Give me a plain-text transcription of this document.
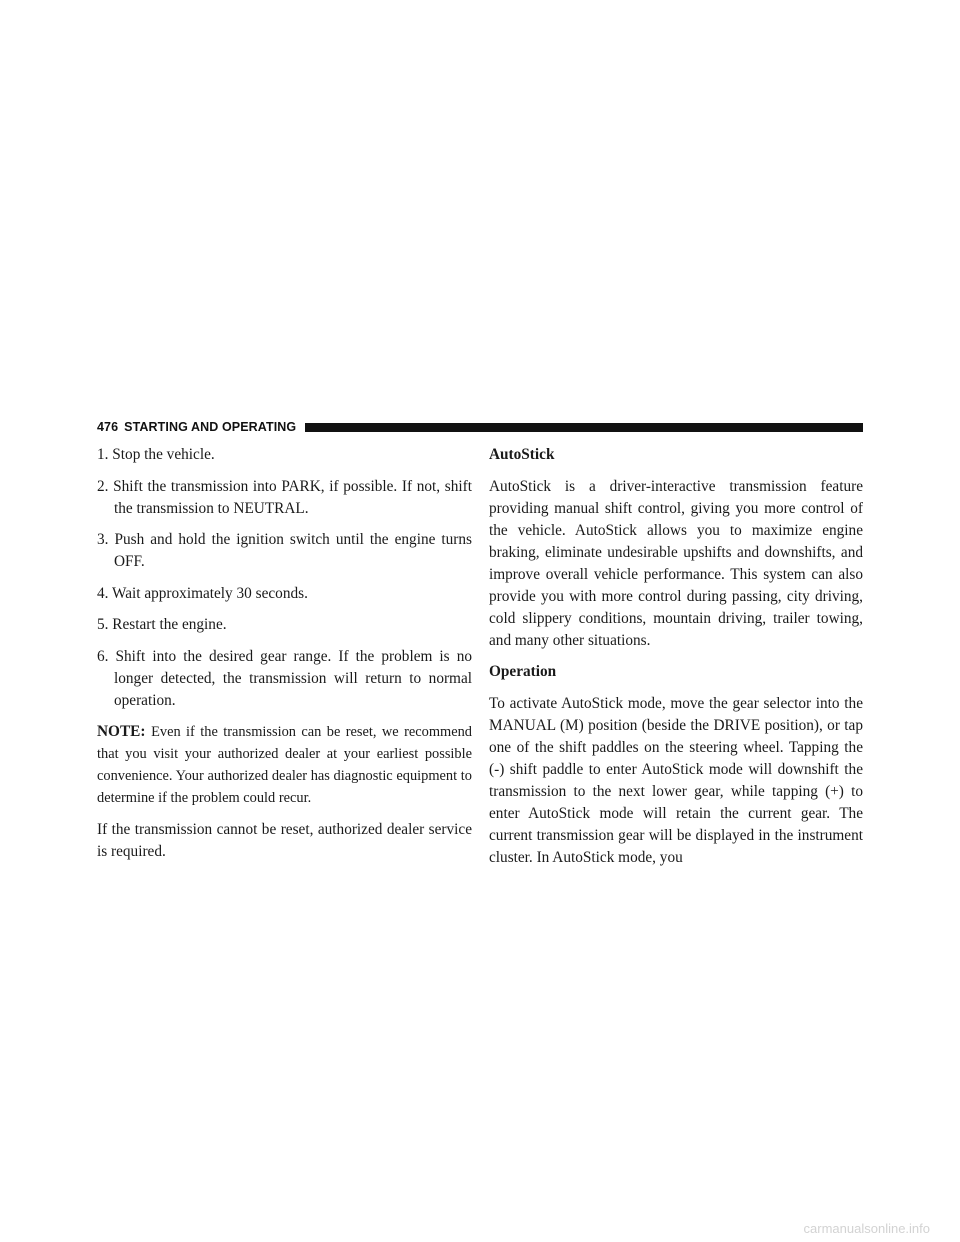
476 STARTING AND OPERATING

1. Stop the vehicle.

2. Shift the transmission into PARK, if possible. If not, shift the transmission to NEUTRAL.

3. Push and hold the ignition switch until the engine turns OFF.

4. Wait approximately 30 seconds.

5. Restart the engine.

6. Shift into the desired gear range. If the problem is no longer detected, the transmission will return to normal operation.

NOTE: Even if the transmission can be reset, we recommend that you visit your authorized dealer at your earliest possible convenience. Your authorized dealer has diagnostic equipment to determine if the problem could recur.

If the transmission cannot be reset, authorized dealer service is required.

AutoStick

AutoStick is a driver-interactive transmission feature providing manual shift control, giving you more control of the vehicle. AutoStick allows you to maximize engine braking, eliminate undesirable upshifts and downshifts, and improve overall vehicle performance. This system can also provide you with more control during passing, city driving, cold slippery conditions, mountain driving, trailer towing, and many other situations.

Operation

To activate AutoStick mode, move the gear selector into the MANUAL (M) position (beside the DRIVE position), or tap one of the shift paddles on the steering wheel. Tapping the (-) shift paddle to enter AutoStick mode will downshift the transmission to the next lower gear, while tapping (+) to enter AutoStick mode will retain the current gear. The current transmission gear will be displayed in the instrument cluster. In AutoStick mode, you

carmanualsonline.info
